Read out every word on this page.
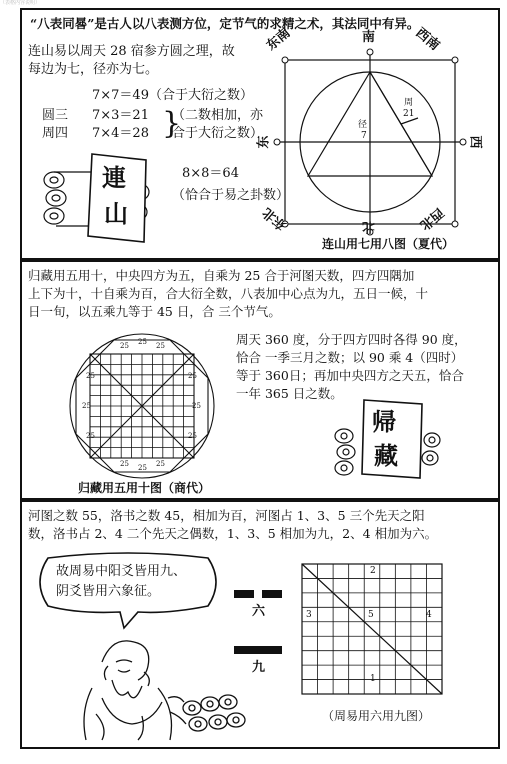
（表格内容说明）
“八表同晷”是古人以八表测方位，定节气的求精之术，其法同中有异。
连山易以周天 28 宿参方圆之理，故
每边为七，径亦为七。
7×7＝49（合于大衍之数）
圆三 7×3＝21
周四 7×4＝28 }
（二数相加，亦
合于大衍之数）
8×8＝64
（恰合于易之卦数）
連
山
南	西南
东南
西
东
北	西北
东北
周
21
径
7
连山用七用八图（夏代）
归藏用五用十，中央四方为五，自乘为 25 合于河图天数，四方四隅加
上下为十，十自乘为百，合大衍全数，八表加中心点为九，五日一候，十
日一旬，以五乘九等于 45 日，合 三个节气。
25 25 25
25
25
25
25 25 25
25
25
25
周天 360 度，分于四方四时各得 90 度，
恰合 一季三月之数；以 90 乘 4（四时）
等于 360日；再加中央四方之天五，恰合
一年 365 日之数。
帰
藏
归藏用五用十图（商代）
河图之数 55，洛书之数 45，相加为百，河图占 1、3、5 三个先天之阳
数，洛书占 2、4 二个先天之偶数，1、3、5 相加为九，2、4 相加为六。
故周易中阳爻皆用九、
阴爻皆用六象征。
六
九
2
3	5	4
1
（周易用六用九图）
